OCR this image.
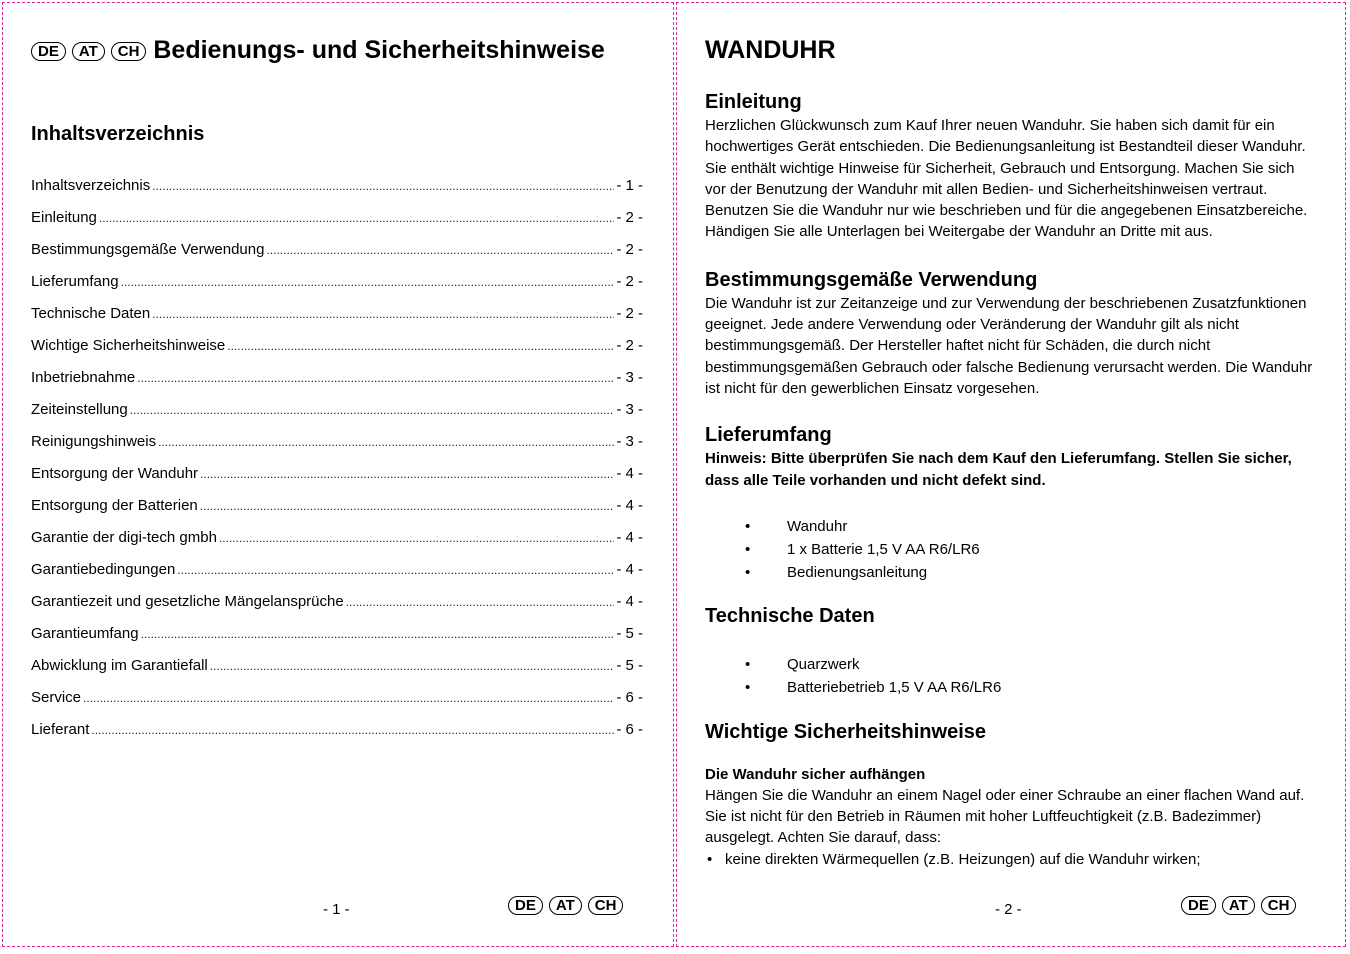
DE	AT	CH Bedienungs- und Sicherheitshinweise
Inhaltsverzeichnis
Inhaltsverzeichnis .....	- 1 -
Einleitung .....	- 2 -
Bestimmungsgemäße Verwendung .....	- 2 -
Lieferumfang .....	- 2 -
Technische Daten .....	- 2 -
Wichtige Sicherheitshinweise .....	- 2 -
Inbetriebnahme .....	- 3 -
Zeiteinstellung .....	- 3 -
Reinigungshinweis .....	- 3 -
Entsorgung der Wanduhr .....	- 4 -
Entsorgung der Batterien .....	- 4 -
Garantie der digi-tech gmbh .....	- 4 -
Garantiebedingungen .....	- 4 -
Garantiezeit und gesetzliche Mängelansprüche .....	- 4 -
Garantieumfang .....	- 5 -
Abwicklung im Garantiefall .....	- 5 -
Service .....	- 6 -
Lieferant .....	- 6 -
- 1 -	DE	AT	CH
WANDUHR

Einleitung

Herzlichen Glückwunsch zum Kauf Ihrer neuen Wanduhr. Sie haben sich damit für ein hochwertiges Gerät entschieden. Die Bedienungsanleitung ist Bestandteil dieser Wanduhr. Sie enthält wichtige Hinweise für Sicherheit, Gebrauch und Entsorgung. Machen Sie sich vor der Benutzung der Wanduhr mit allen Bedien- und Sicherheitshinweisen vertraut. Benutzen Sie die Wanduhr nur wie beschrieben und für die angegebenen Einsatzbereiche.

Händigen Sie alle Unterlagen bei Weitergabe der Wanduhr an Dritte mit aus.

Bestimmungsgemäße Verwendung

Die Wanduhr ist zur Zeitanzeige und zur Verwendung der beschriebenen Zusatzfunktionen geeignet. Jede andere Verwendung oder Veränderung der Wanduhr gilt als nicht bestimmungsgemäß. Der Hersteller haftet nicht für Schäden, die durch nicht bestimmungsgemäßen Gebrauch oder falsche Bedienung verursacht werden. Die Wanduhr ist nicht für den gewerblichen Einsatz vorgesehen.

Lieferumfang

Hinweis: Bitte überprüfen Sie nach dem Kauf den Lieferumfang. Stellen Sie sicher, dass alle Teile vorhanden und nicht defekt sind.

• Wanduhr
• 1 x Batterie 1,5 V AA R6/LR6
• Bedienungsanleitung

Technische Daten

• Quarzwerk
• Batteriebetrieb 1,5 V AA R6/LR6

Wichtige Sicherheitshinweise

Die Wanduhr sicher aufhängen

Hängen Sie die Wanduhr an einem Nagel oder einer Schraube an einer flachen Wand auf. Sie ist nicht für den Betrieb in Räumen mit hoher Luftfeuchtigkeit (z.B. Badezimmer) ausgelegt. Achten Sie darauf, dass:

• keine direkten Wärmequellen (z.B. Heizungen) auf die Wanduhr wirken;
- 2 -	DE	AT	CH
